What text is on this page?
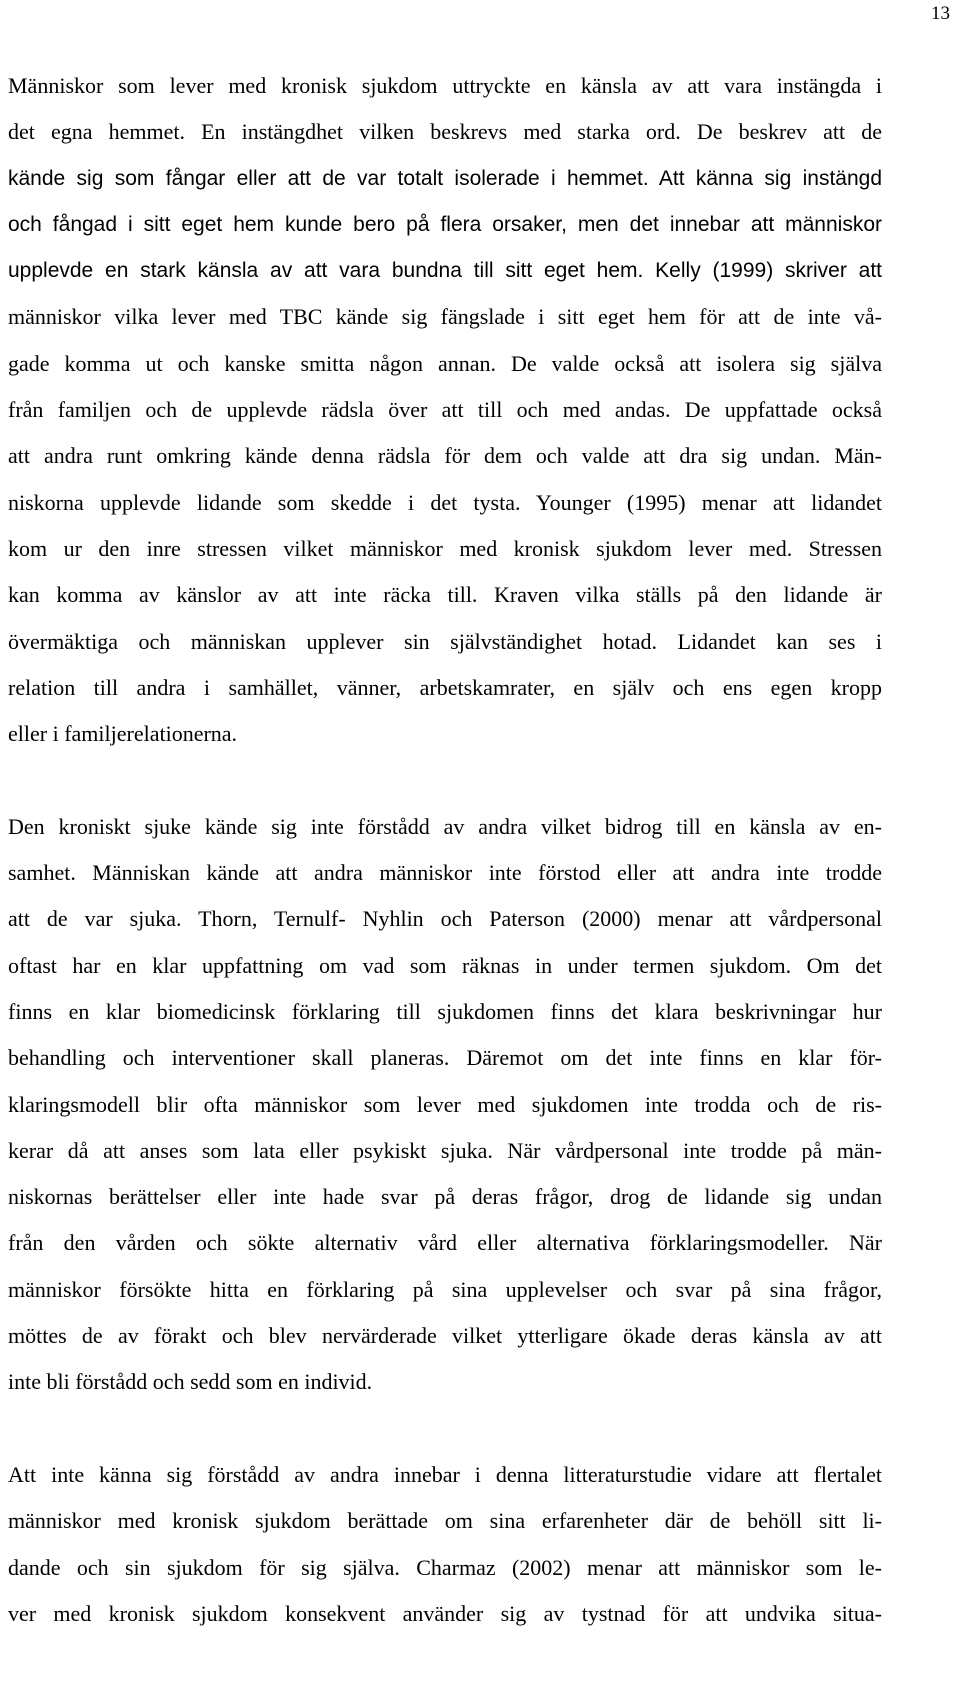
13
Människor som lever med kronisk sjukdom uttryckte en känsla av att vara instängda i
det egna hemmet. En instängdhet vilken beskrevs med starka ord. De beskrev att de
kände sig som fångar eller att de var totalt isolerade i hemmet. Att känna sig instängd
och fångad i sitt eget hem kunde bero på flera orsaker, men det innebar att människor
upplevde en stark känsla av att vara bundna till sitt eget hem. Kelly (1999) skriver att
människor vilka lever med TBC kände sig fängslade i sitt eget hem för att de inte vå-
gade komma ut och kanske smitta någon annan. De valde också att isolera sig själva
från familjen och de upplevde rädsla över att till och med andas. De uppfattade också
att andra runt omkring kände denna rädsla för dem och valde att dra sig undan. Män-
niskorna upplevde lidande som skedde i det tysta. Younger (1995) menar att lidandet
kom ur den inre stressen vilket människor med kronisk sjukdom lever med. Stressen
kan komma av känslor av att inte räcka till. Kraven vilka ställs på den lidande är
övermäktiga och människan upplever sin självständighet hotad. Lidandet kan ses i
relation till andra i samhället, vänner, arbetskamrater, en själv och ens egen kropp
eller i familjerelationerna.
Den kroniskt sjuke kände sig inte förstådd av andra vilket bidrog till en känsla av en-
samhet. Människan kände att andra människor inte förstod eller att andra inte trodde
att de var sjuka. Thorn, Ternulf- Nyhlin och Paterson (2000) menar att vårdpersonal
oftast har en klar uppfattning om vad som räknas in under termen sjukdom. Om det
finns en klar biomedicinsk förklaring till sjukdomen finns det klara beskrivningar hur
behandling och interventioner skall planeras. Däremot om det inte finns en klar för-
klaringsmodell blir ofta människor som lever med sjukdomen inte trodda och de ris-
kerar då att anses som lata eller psykiskt sjuka. När vårdpersonal inte trodde på män-
niskornas berättelser eller inte hade svar på deras frågor, drog de lidande sig undan
från den vården och sökte alternativ vård eller alternativa förklaringsmodeller. När
människor försökte hitta en förklaring på sina upplevelser och svar på sina frågor,
möttes de av förakt och blev nervärderade vilket ytterligare ökade deras känsla av att
inte bli förstådd och sedd som en individ.
Att inte känna sig förstådd av andra innebar i denna litteraturstudie vidare att flertalet
människor med kronisk sjukdom berättade om sina erfarenheter där de behöll sitt li-
dande och sin sjukdom för sig själva. Charmaz (2002) menar att människor som le-
ver med kronisk sjukdom konsekvent använder sig av tystnad för att undvika situa-
